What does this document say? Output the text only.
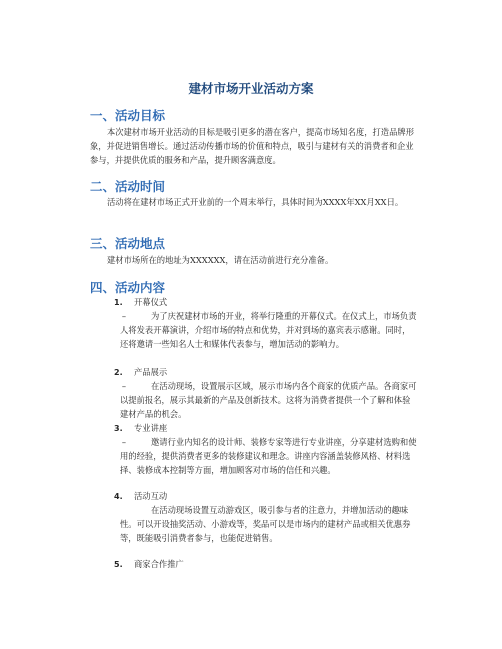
建材市场开业活动方案
一、活动目标
本次建材市场开业活动的目标是吸引更多的潜在客户，提高市场知名度，打造品牌形象，并促进销售增长。通过活动传播市场的价值和特点，吸引与建材有关的消费者和企业参与，并提供优质的服务和产品，提升顾客满意度。
二、活动时间
活动将在建材市场正式开业前的一个周末举行，具体时间为XXXX年XX月XX日。
三、活动地点
建材市场所在的地址为XXXXXX，请在活动前进行充分准备。
四、活动内容
1. 开幕仪式
–	为了庆祝建材市场的开业，将举行隆重的开幕仪式。在仪式上，市场负责人将发表开幕演讲，介绍市场的特点和优势，并对到场的嘉宾表示感谢。同时，还将邀请一些知名人士和媒体代表参与，增加活动的影响力。
2. 产品展示
–	在活动现场，设置展示区域，展示市场内各个商家的优质产品。各商家可以提前报名，展示其最新的产品及创新技术。这将为消费者提供一个了解和体验建材产品的机会。
3. 专业讲座
–	邀请行业内知名的设计师、装修专家等进行专业讲座，分享建材选购和使用的经验，提供消费者更多的装修建议和理念。讲座内容涵盖装修风格、材料选择、装修成本控制等方面，增加顾客对市场的信任和兴趣。
4. 活动互动
在活动现场设置互动游戏区，吸引参与者的注意力，并增加活动的趣味性。可以开设抽奖活动、小游戏等，奖品可以是市场内的建材产品或相关优惠券等，既能吸引消费者参与，也能促进销售。
5. 商家合作推广
